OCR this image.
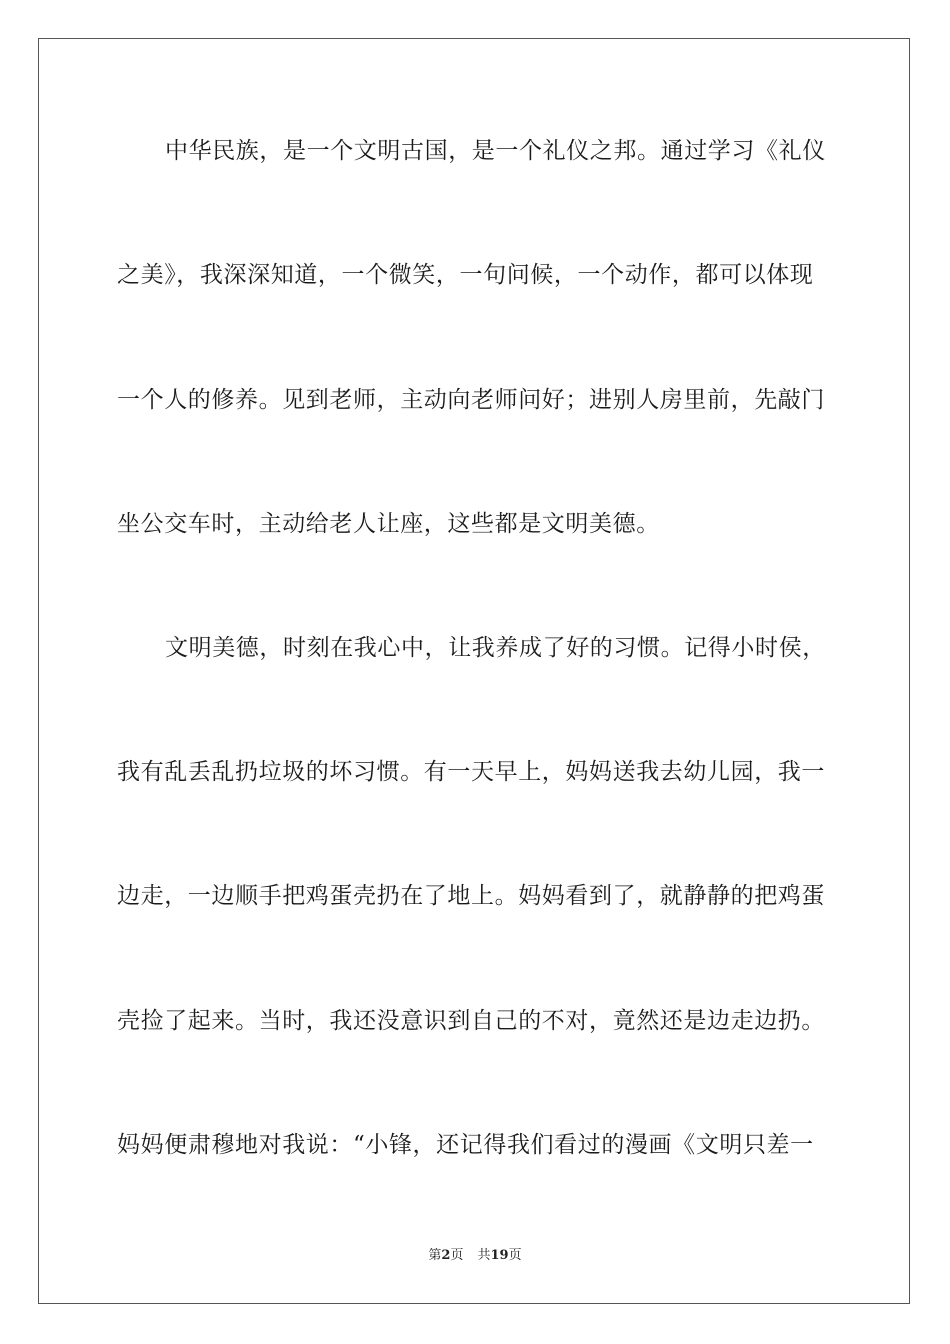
中华民族，是一个文明古国，是一个礼仪之邦。通过学习《礼仪
之美》，我深深知道，一个微笑，一句问候，一个动作，都可以体现
一个人的修养。见到老师，主动向老师问好；进别人房里前，先敲门
坐公交车时，主动给老人让座，这些都是文明美德。
文明美德，时刻在我心中，让我养成了好的习惯。记得小时侯，
我有乱丢乱扔垃圾的坏习惯。有一天早上，妈妈送我去幼儿园，我一
边走，一边顺手把鸡蛋壳扔在了地上。妈妈看到了，就静静的把鸡蛋
壳捡了起来。当时，我还没意识到自己的不对，竟然还是边走边扔。
妈妈便肃穆地对我说：“小锋，还记得我们看过的漫画《文明只差一
第2页 共19页
